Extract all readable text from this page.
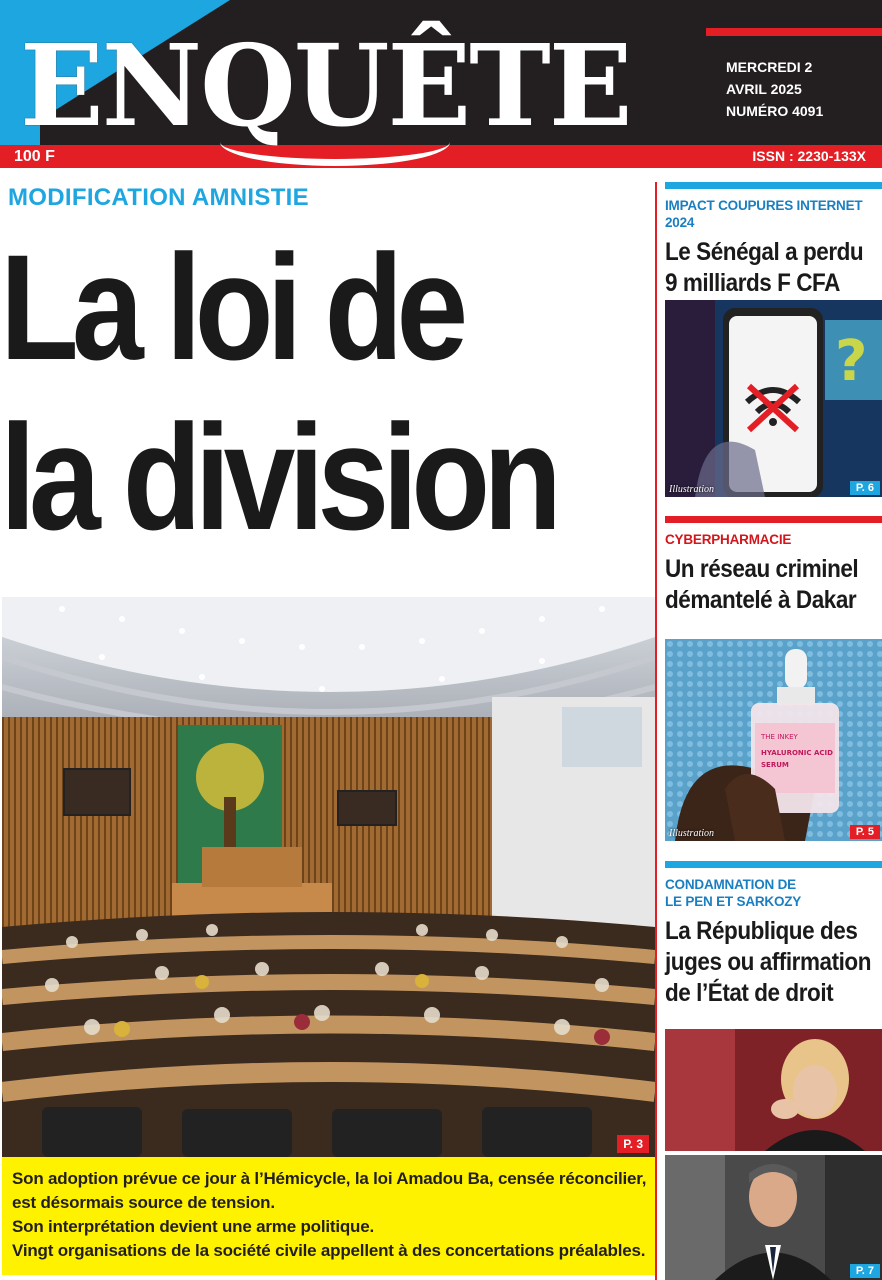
ENQUÊTE
100 F	ISSN : 2230-133X
MERCREDI 2
AVRIL 2025
NUMÉRO 4091
MODIFICATION AMNISTIE
La loi de
la division
P. 3

Son adoption prévue ce jour à l’Hémicycle, la loi Amadou Ba, censée réconcilier,

est désormais source de tension.

Son interprétation devient une arme politique.

Vingt organisations de la société civile appellent à des concertations préalables.

IMPACT COUPURES INTERNET 2024
Le Sénégal a perdu
9 milliards F CFA
?
Illustration	P. 6
CYBERPHARMACIE
Un réseau criminel
démantelé à Dakar
THE INKEY
HYALURONIC ACID
SERUM
Illustration	P. 5
CONDAMNATION DE
LE PEN ET SARKOZY
La République des
juges ou affirmation
de l’État de droit
P. 7
